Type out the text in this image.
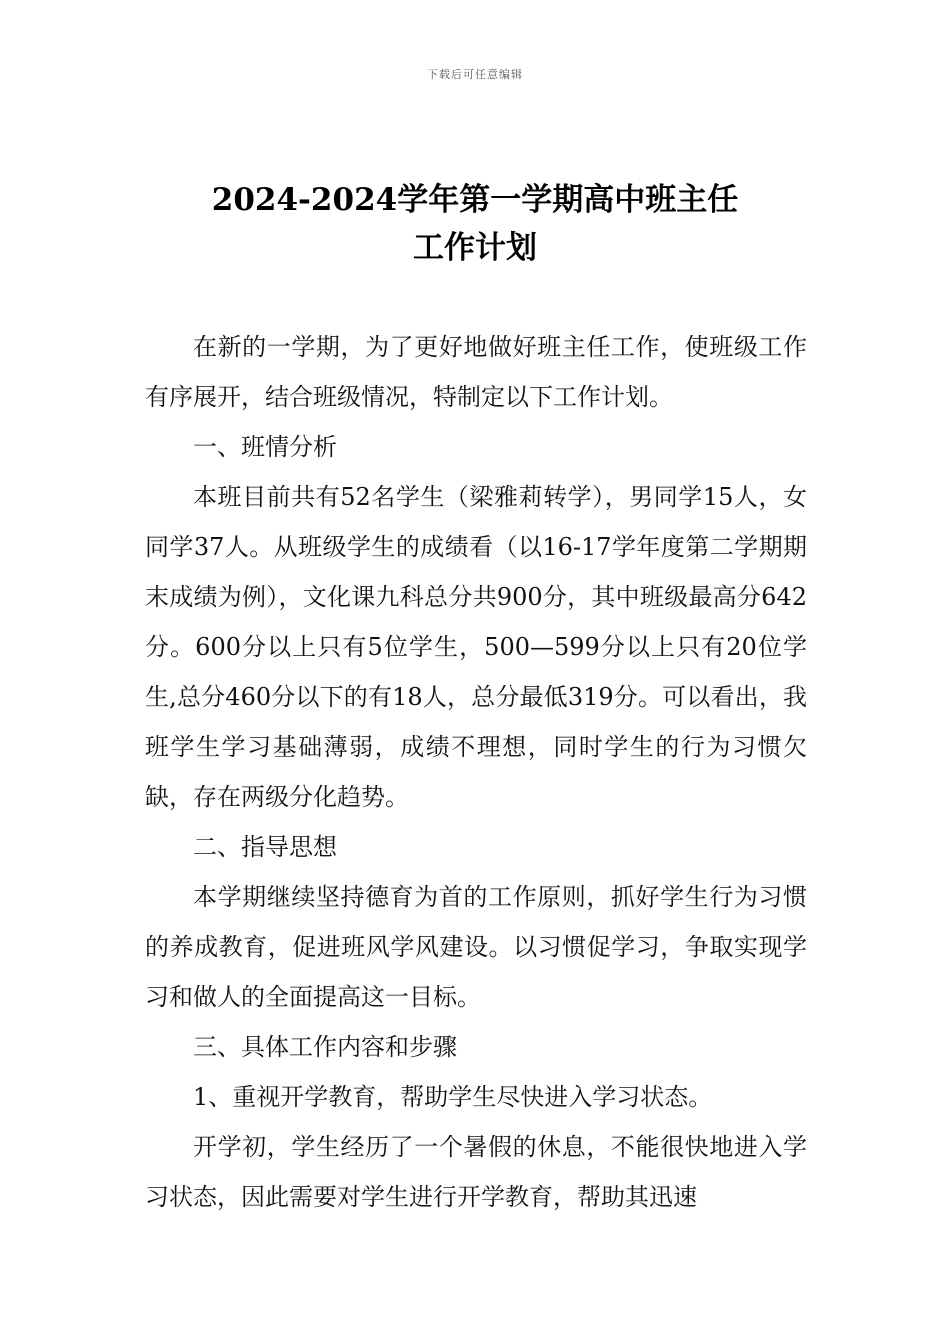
下载后可任意编辑
2024-2024学年第一学期高中班主任
工作计划

在新的一学期，为了更好地做好班主任工作，使班级工作有序展开，结合班级情况，特制定以下工作计划。

一、班情分析

本班目前共有52名学生（梁雅莉转学），男同学15人，女同学37人。从班级学生的成绩看（以16-17学年度第二学期期末成绩为例），文化课九科总分共900分，其中班级最高分642分。600分以上只有5位学生，500—599分以上只有20位学生,总分460分以下的有18人，总分最低319分。可以看出，我班学生学习基础薄弱，成绩不理想，同时学生的行为习惯欠缺，存在两级分化趋势。

二、指导思想

本学期继续坚持德育为首的工作原则，抓好学生行为习惯的养成教育，促进班风学风建设。以习惯促学习，争取实现学习和做人的全面提高这一目标。

三、具体工作内容和步骤

1、重视开学教育，帮助学生尽快进入学习状态。

开学初，学生经历了一个暑假的休息，不能很快地进入学习状态，因此需要对学生进行开学教育，帮助其迅速
